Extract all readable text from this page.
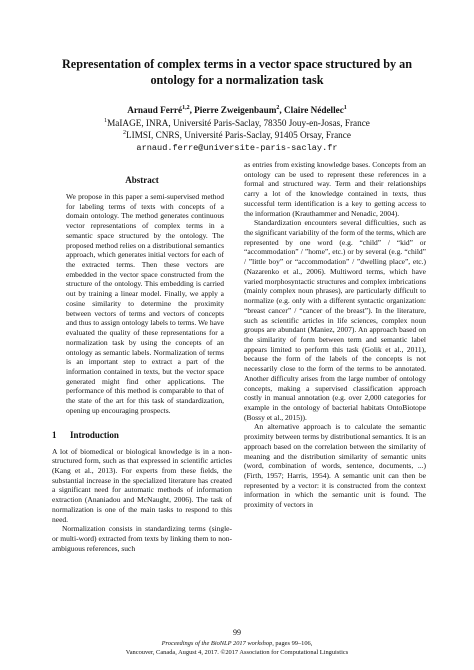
Representation of complex terms in a vector space structured by an
ontology for a normalization task
Arnaud Ferré$^{1,2}$, Pierre Zweigenbaum$^2$, Claire Nédellec$^1$
$^1$MaIAGE, INRA, Université Paris-Saclay, 78350 Jouy-en-Josas, France
$^2$LIMSI, CNRS, Université Paris-Saclay, 91405 Orsay, France
arnaud.ferre@universite-paris-saclay.fr
Abstract

We propose in this paper a semi-supervised method for labeling terms of texts with concepts of a domain ontology. The method generates continuous vector representations of complex terms in a semantic space structured by the ontology. The proposed method relies on a distributional semantics approach, which generates initial vectors for each of the extracted terms. Then these vectors are embedded in the vector space constructed from the structure of the ontology. This embedding is carried out by training a linear model. Finally, we apply a cosine similarity to determine the proximity between vectors of terms and vectors of concepts and thus to assign ontology labels to terms. We have evaluated the quality of these representations for a normalization task by using the concepts of an ontology as semantic labels. Normalization of terms is an important step to extract a part of the information contained in texts, but the vector space generated might find other applications. The performance of this method is comparable to that of the state of the art for this task of standardization, opening up encouraging prospects.

1 Introduction

A lot of biomedical or biological knowledge is in a non-structured form, such as that expressed in scientific articles (Kang et al., 2013). For experts from these fields, the substantial increase in the specialized literature has created a significant need for automatic methods of information extraction (Ananiadou and McNaught, 2006). The task of normalization is one of the main tasks to respond to this need.

Normalization consists in standardizing terms (single- or multi-word) extracted from texts by linking them to non-ambiguous references, such

as entries from existing knowledge bases. Concepts from an ontology can be used to represent these references in a formal and structured way. Term and their relationships carry a lot of the knowledge contained in texts, thus successful term identification is a key to getting access to the information (Krauthammer and Nenadic, 2004).

Standardization encounters several difficulties, such as the significant variability of the form of the terms, which are represented by one word (e.g. “child” / “kid” or “accommodation” / ”home”, etc.) or by several (e.g. “child” / ”little boy” or “accommodation” / ”dwelling place”, etc.) (Nazarenko et al., 2006). Multiword terms, which have varied morphosyntactic structures and complex imbrications (mainly complex noun phrases), are particularly difficult to normalize (e.g. only with a different syntactic organization: “breast cancer” / “cancer of the breast”). In the literature, such as scientific articles in life sciences, complex noun groups are abundant (Maniez, 2007). An approach based on the similarity of form between term and semantic label appears limited to perform this task (Golik et al., 2011), because the form of the labels of the concepts is not necessarily close to the form of the terms to be annotated. Another difficulty arises from the large number of ontology concepts, making a supervised classification approach costly in manual annotation (e.g. over 2,000 categories for example in the ontology of bacterial habitats OntoBiotope (Bossy et al., 2015)).

An alternative approach is to calculate the semantic proximity between terms by distributional semantics. It is an approach based on the correlation between the similarity of meaning and the distribution similarity of semantic units (word, combination of words, sentence, documents, ...) (Firth, 1957; Harris, 1954). A semantic unit can then be represented by a vector: it is constructed from the context information in which the semantic unit is found. The proximity of vectors in

99
Proceedings of the BioNLP 2017 workshop, pages 99–106,
Vancouver, Canada, August 4, 2017. ©2017 Association for Computational Linguistics
